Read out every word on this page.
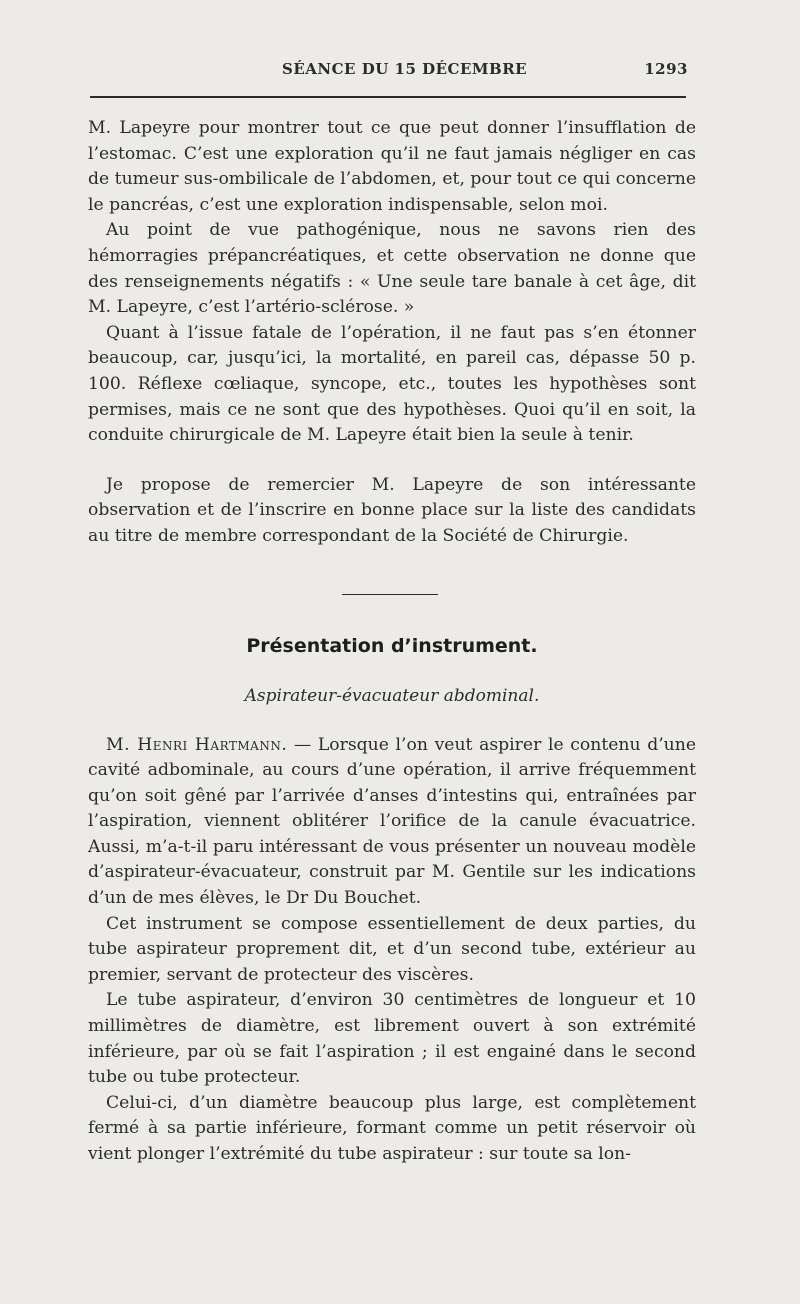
SÉANCE DU 15 DÉCEMBRE	1293

M. Lapeyre pour montrer tout ce que peut donner l’insufflation de l’estomac. C’est une exploration qu’il ne faut jamais négliger en cas de tumeur sus-ombilicale de l’abdomen, et, pour tout ce qui concerne le pancréas, c’est une exploration indispensable, selon moi.

Au point de vue pathogénique, nous ne savons rien des hémorragies prépancréatiques, et cette observation ne donne que des renseignements négatifs : « Une seule tare banale à cet âge, dit M. Lapeyre, c’est l’artério-sclérose. »

Quant à l’issue fatale de l’opération, il ne faut pas s’en étonner beaucoup, car, jusqu’ici, la mortalité, en pareil cas, dépasse 50 p. 100. Réflexe cœliaque, syncope, etc., toutes les hypothèses sont permises, mais ce ne sont que des hypothèses. Quoi qu’il en soit, la conduite chirurgicale de M. Lapeyre était bien la seule à tenir.

Je propose de remercier M. Lapeyre de son intéressante observation et de l’inscrire en bonne place sur la liste des candidats au titre de membre correspondant de la Société de Chirurgie.

Présentation d’instrument.
Aspirateur-évacuateur abdominal.

M. Henri Hartmann. — Lorsque l’on veut aspirer le contenu d’une cavité adbominale, au cours d’une opération, il arrive fréquemment qu’on soit gêné par l’arrivée d’anses d’intestins qui, entraînées par l’aspiration, viennent oblitérer l’orifice de la canule évacuatrice. Aussi, m’a-t-il paru intéressant de vous présenter un nouveau modèle d’aspirateur-évacuateur, construit par M. Gentile sur les indications d’un de mes élèves, le Dr Du Bouchet.

Cet instrument se compose essentiellement de deux parties, du tube aspirateur proprement dit, et d’un second tube, extérieur au premier, servant de protecteur des viscères.

Le tube aspirateur, d’environ 30 centimètres de longueur et 10 millimètres de diamètre, est librement ouvert à son extrémité inférieure, par où se fait l’aspiration ; il est engainé dans le second tube ou tube protecteur.

Celui-ci, d’un diamètre beaucoup plus large, est complètement fermé à sa partie inférieure, formant comme un petit réservoir où vient plonger l’extrémité du tube aspirateur : sur toute sa lon-
